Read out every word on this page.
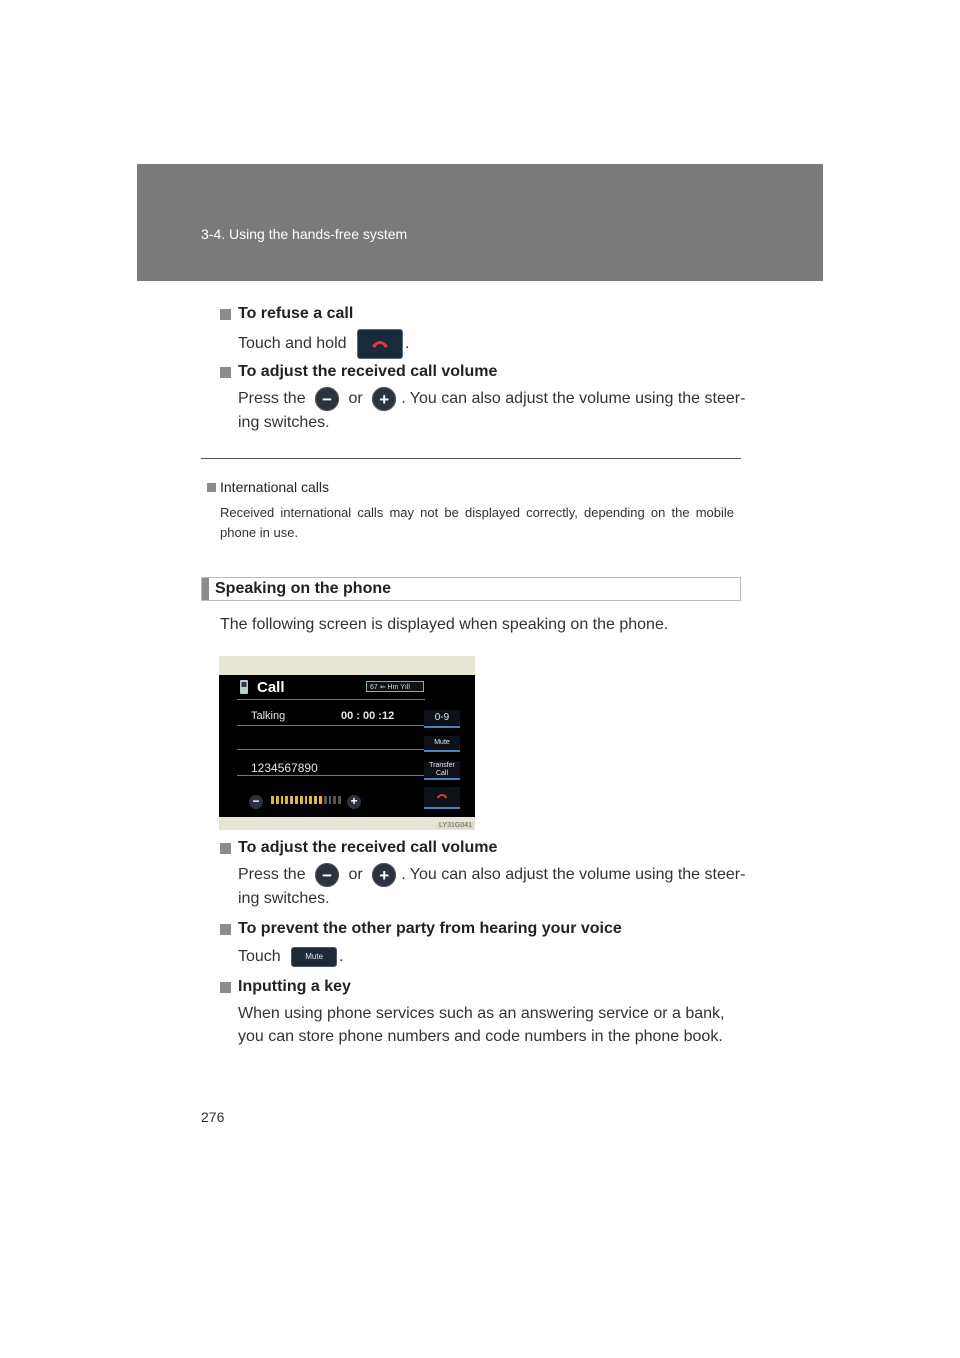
3-4. Using the hands-free system
To refuse a call
Touch and hold	.
To adjust the received call volume
Press the − or + . You can also adjust the volume using the steer-
ing switches.
International calls
Received international calls may not be displayed correctly, depending on the mobile phone in use.
Speaking on the phone
The following screen is displayed when speaking on the phone.
Call	67 ⇐ Hm Yıll
Talking	00 : 00 :12
1234567890
0-9
Mute
Transfer Call
−	+
LY31G041
To adjust the received call volume
Press the − or + . You can also adjust the volume using the steer-
ing switches.
To prevent the other party from hearing your voice
Touch	Mute .
Inputting a key
When using phone services such as an answering service or a bank,
you can store phone numbers and code numbers in the phone book.
276
